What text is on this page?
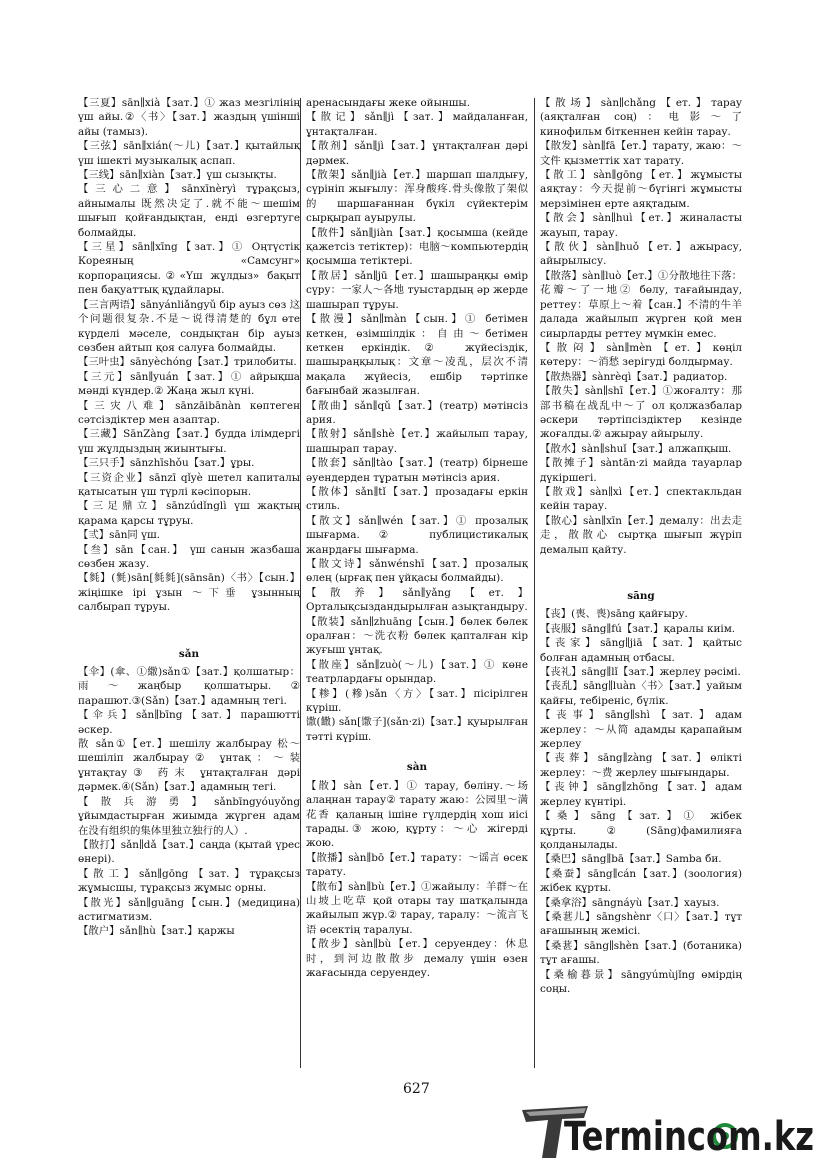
【三夏】sān∥xià【зат.】① жаз мезгілінің үш айы.②〈书〉【зат.】жаздың үшінші айы (тамыз).

【三弦】sān∥xián(～儿)【зат.】қытайлық үш ішекті музыкалық аспап.

【三线】sān∥xiàn【зат.】үш сызықты.

【三心二意】sānxīnèryì тұрақсыз, айнымалы 既然决定了.就不能～шешім шығып қойғандықтан, енді өзгертуге болмайды.

【三星】sān∥xīng【зат.】① Оңтүстік Кореяның «Самсунг» корпорациясы.②«Үш жұлдыз» бақыт пен бақуаттық құдайлары.

【三言两语】sānyánliǎngyǔ бір ауыз сөз 这个问题很复杂.不是～说得清楚的 бұл өте күрделі мәселе, сондықтан бір ауыз сөзбен айтып қоя салуға болмайды.

【三叶虫】sānyèchóng【зат.】трилобиты.

【三元】sān∥yuán【зат.】① айрықша мәнді күндер.② Жаңа жыл күні.

【三灾八难】sānzāibānàn көптеген сәтсіздіктер мен азаптар.

【三藏】SānZàng【зат.】будда ілімдергі үш жұлдыздың жиынтығы.

【三只手】sānzhīshǒu【зат.】ұры.

【三资企业】sānzī qǐyè шетел капиталы қатысатын үш түрлі кәсіпорын.

【三足鼎立】sānzúdǐnglì үш жақтың қарама қарсы тұруы.

【弎】sān同 үш.

【叁】sān【сан.】 үш санын жазбаша сөзбен жазу.

【毵】(毿)sān[毵毵](sānsān)〈书〉【сын.】жіңішке ірі ұзын ～下垂 ұзынның салбырап тұруы.

sǎn

【伞】(傘、①繖)sǎn①【зат.】қолшатыр：雨～жаңбыр қолшатыры.② парашют.③(Sǎn)【зат.】адамның тегі.

【伞兵】sǎn∥bīng【зат.】парашютті әскер.

散 sǎn①【ет.】шешілу жалбырау 松～шешіліп жалбырау② ұнтақ：～装 ұнтақтау③ 药末 ұнтақталған дәрі дәрмек.④(Sǎn)【зат.】адамның тегі.

【散兵游勇】sǎnbīngyóuyǒng ұйымдастырған жиымда жүрген адам 在没有组织的集体里独立独行的人）.

【散打】sǎn∥dǎ【зат.】саңда (қытай үрес өнері).

【散工】sǎn∥gōng【зат.】тұрақсыз жұмысшы, тұрақсыз жұмыс орны.

【散光】sǎn∥guāng【сын.】(медицина) астигматизм.

【散户】sǎn∥hù【зат.】қаржы

аренасындағы жеке ойыншы.

【散记】sǎn∥jì【зат.】майдаланған, ұнтақталған.

【散剂】sǎn∥jì【зат.】ұнтақталған дәрі дәрмек.

【散架】sǎn∥jià【ет.】шаршап шалдығу, сүрініп жығылу：浑身酸疼.骨头像散了架似的 шаршағаннан бүкіл сүйектерім сырқырап ауырулы.

【散件】sǎn∥jiàn【зат.】қосымша (кейде қажетсіз тетіктер)：电脑～компьютердің қосымша тетіктері.

【散居】sǎn∥jū【ет.】шашыраңқы өмір сүру：一家人～各地 туыстардың әр жерде шашырап тұруы.

【散漫】sǎn∥màn【сын.】① бетімен кеткен, өзімшілдік：自由～бетімен кеткен еркіндік.② жүйесіздік, шашыраңқылық：文章～凌乱，层次不清 мақала жүйесіз, ешбір тәртіпке бағынбай жазылған.

【散曲】sǎn∥qǔ【зат.】(театр) мәтінсіз ария.

【散射】sǎn∥shè【ет.】жайылып тарау, шашырап тарау.

【散套】sǎn∥tào【зат.】(театр) бірнеше әуендерден тұратын мәтінсіз ария.

【散体】sǎn∥tǐ【зат.】прозадағы еркін стиль.

【散文】sǎn∥wén【зат.】① прозалық шығарма.② публицистикалық жанрдағы шығарма.

【散文诗】sǎnwénshī【зат.】прозалық өлең (ырғақ пен ұйқасы болмайды).

【散养】sǎn∥yǎng【ет.】Орталықсыздандырылған азықтандыру.

【散装】sǎn∥zhuāng【сын.】бөлек бөлек оралған：～洗衣粉 бөлек қапталған кір жуғыш ұнтақ.

【散座】sǎn∥zuò(～儿)【зат.】① көне театрлардағы орындар.

【糁】(糝)sǎn〈方〉【зат.】пісірілген күріш.

馓(饊) sǎn[馓子](sǎn·zi)【зат.】қуырылған тәтті күріш.

sàn

【散】sàn【ет.】① тарау, бөліну.～场 алаңнан тарау② тарату жаю：公园里～满花香 қаланың ішіне гүлдердің хош иісі тарады.③ жою, құрту：～心 жігерді жою.

【散播】sàn∥bō【ет.】тарату：～谣言 өсек тарату.

【散布】sàn∥bù【ет.】①жайылу：羊群～在山坡上吃草 қой отары тау шатқалында жайылып жүр.② тарау, таралу：～流言飞语 өсектің таралуы.

【散步】sàn∥bù【ет.】серуендеу：休息时，到河边散散步 демалу үшін өзен жағасында серуендеу.

【散场】sàn∥chǎng【ет.】тарау (аяқталған соң)：电影～了 кинофильм біткеннен кейін тарау.

【散发】sàn∥fā【ет.】тарату, жаю：～文件 қызметтік хат тарату.

【散工】sàn∥gōng【ет.】жұмысты аяқтау：今天提前～бүгінгі жұмысты мерзімінен ерте аяқтадым.

【散会】sàn∥huì【ет.】жиналасты жауып, тарау.

【散伙】sàn∥huǒ【ет.】ажырасу, айырылысу.

【散落】sàn∥luò【ет.】①分散地往下落：花瓣～了一地② бөлу, тағайындау, реттеу：草原上～着【сан.】不清的牛羊 далада жайылып жүрген қой мен сиырларды реттеу мүмкін емес.

【散闷】sàn∥mèn【ет.】көңіл көтеру：～消愁 зерігуді болдырмау.

【散热器】sànrèqì【зат.】радиатор.

【散失】sàn∥shī【ет.】①жоғалту：那部书稿在战乱中～了 ол қолжазбалар әскери тәртіпсіздіктер кезінде жоғалды.② ажырау айырылу.

【散水】sàn∥shuǐ【зат.】алжапқыш.

【散摊子】sàntān·zi майда тауарлар дүкіршегі.

【散戏】sàn∥xì【ет.】спектакльдан кейін тарау.

【散心】sàn∥xīn【ет.】демалу：出去走走，散散心 сыртқа шығып жүріп демалып қайту.

sāng

【丧】(喪、喪)sāng қайғыру.

【丧服】sāng∥fú【зат.】қаралы киім.

【丧家】sāng∥jiā【зат.】қайтыс болған адамның отбасы.

【丧礼】sāng∥lǐ【зат.】жерлеу рәсімі.

【丧乱】sāng∥luàn〈书〉【зат.】уайым қайғы, тебіреніс, бүлік.

【丧事】sāng∥shì【зат.】адам жерлеу：～从简 адамды қарапайым жерлеу

【丧葬】sāng∥zàng【зат.】өлікті жерлеу：～费 жерлеу шығындары.

【丧钟】sāng∥zhōng【зат.】адам жерлеу күнтірі.

【桑】sāng【зат.】① жібек құрты.②(Sāng)фамилияға қолданылады.

【桑巴】sāng∥bā【зат.】Samba би.

【桑蚕】sāng∥cán【зат.】(зоология) жібек құрты.

【桑拿浴】sāngnáyù【зат.】хауыз.

【桑葚儿】sāngshènr〈口〉【зат.】тұт ағашының жемісі.

【桑葚】sāng∥shèn【зат.】(ботаника) тұт ағашы.

【桑榆暮景】sāngyúmùjǐng өмірдің соңы.

627
Termincom.kz
